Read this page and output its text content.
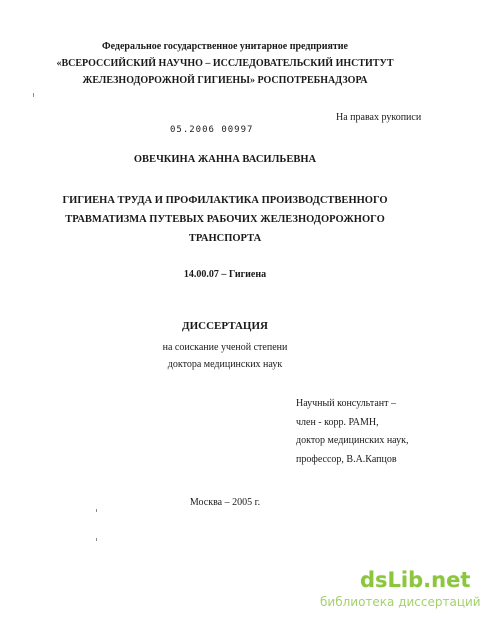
Федеральное государственное унитарное предприятие
«ВСЕРОССИЙСКИЙ НАУЧНО – ИССЛЕДОВАТЕЛЬСКИЙ ИНСТИТУТ
ЖЕЛЕЗНОДОРОЖНОЙ ГИГИЕНЫ» РОСПОТРЕБНАДЗОРА
На правах рукописи
05.2006 00997
ОВЕЧКИНА ЖАННА ВАСИЛЬЕВНА
ГИГИЕНА ТРУДА И ПРОФИЛАКТИКА ПРОИЗВОДСТВЕННОГО
ТРАВМАТИЗМА ПУТЕВЫХ РАБОЧИХ ЖЕЛЕЗНОДОРОЖНОГО
ТРАНСПОРТА
14.00.07 – Гигиена
ДИССЕРТАЦИЯ
на соискание ученой степени
доктора медицинских наук
Научный консультант –
член - корр. РАМН,
доктор медицинских наук,
профессор, В.А.Капцов
Москва – 2005 г.
dsLib.net
библиотека диссертаций
